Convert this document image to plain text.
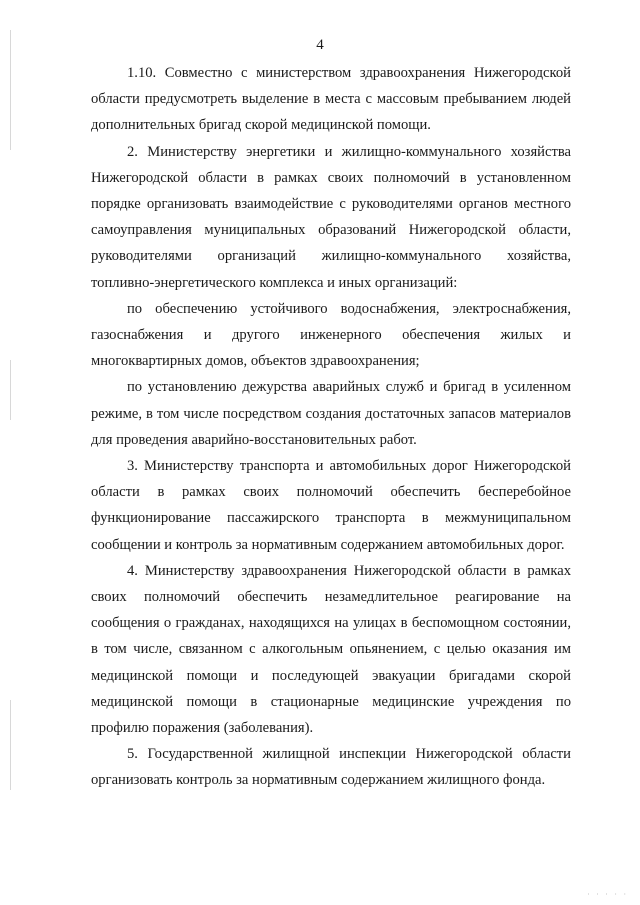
4

1.10. Совместно с министерством здравоохранения Нижегородской области предусмотреть выделение в места с массовым пребыванием людей дополнительных бригад скорой медицинской помощи.

2. Министерству энергетики и жилищно-коммунального хозяйства Нижегородской области в рамках своих полномочий в установленном порядке организовать взаимодействие с руководителями органов местного самоуправления муниципальных образований Нижегородской области, руководителями организаций жилищно-коммунального хозяйства, топливно-энергетического комплекса и иных организаций:

по обеспечению устойчивого водоснабжения, электроснабжения, газоснабжения и другого инженерного обеспечения жилых и многоквартирных домов, объектов здравоохранения;

по установлению дежурства аварийных служб и бригад в усиленном режиме, в том числе посредством создания достаточных запасов материалов для проведения аварийно-восстановительных работ.

3. Министерству транспорта и автомобильных дорог Нижегородской области в рамках своих полномочий обеспечить бесперебойное функционирование пассажирского транспорта в межмуниципальном сообщении и контроль за нормативным содержанием автомобильных дорог.

4. Министерству здравоохранения Нижегородской области в рамках своих полномочий обеспечить незамедлительное реагирование на сообщения о гражданах, находящихся на улицах в беспомощном состоянии, в том числе, связанном с алкогольным опьянением, с целью оказания им медицинской помощи и последующей эвакуации бригадами скорой медицинской помощи в стационарные медицинские учреждения по профилю поражения (заболевания).

5. Государственной жилищной инспекции Нижегородской области организовать контроль за нормативным содержанием жилищного фонда.

· · · · ·
